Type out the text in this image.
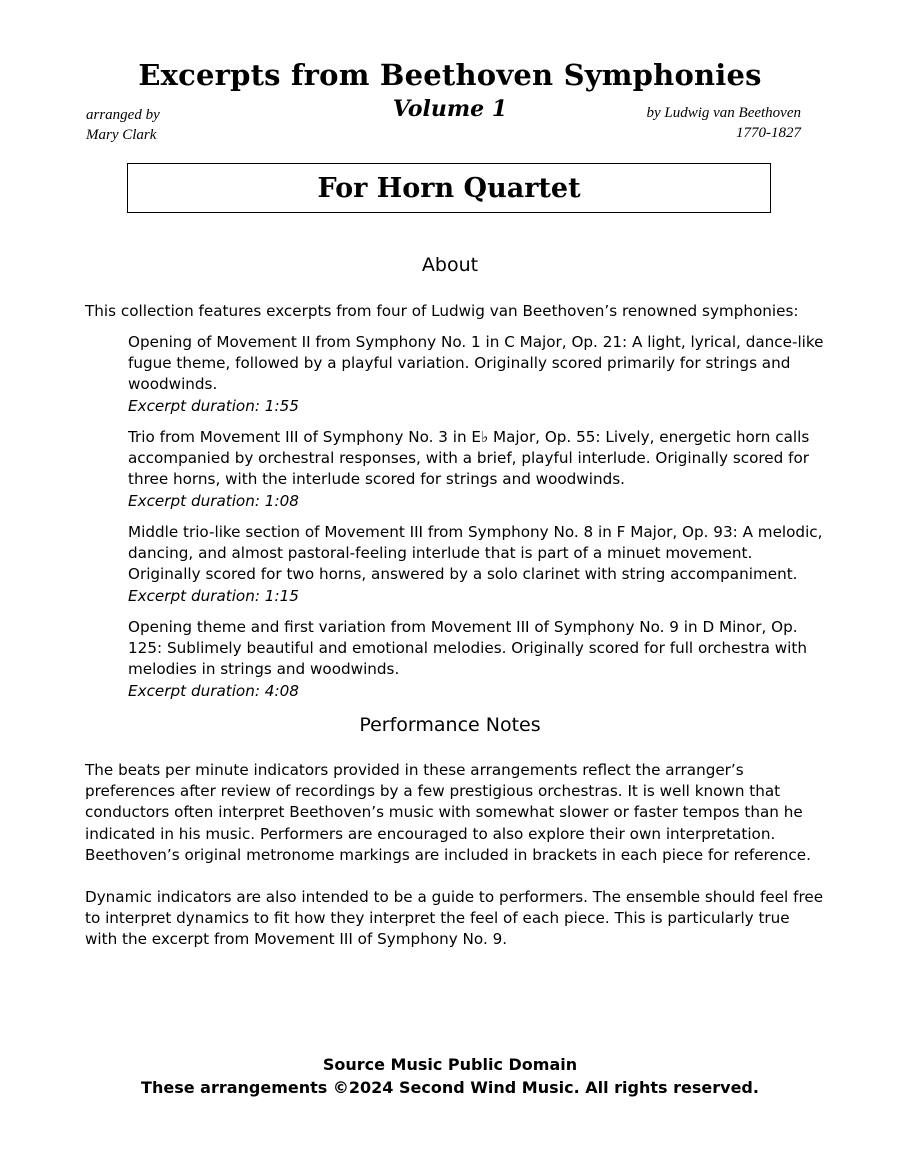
Excerpts from Beethoven Symphonies
Volume 1
arranged by
Mary Clark
by Ludwig van Beethoven
1770-1827
For Horn Quartet
About
This collection features excerpts from four of Ludwig van Beethoven’s renowned symphonies:
Opening of Movement II from Symphony No. 1 in C Major, Op. 21: A light, lyrical, dance-like fugue theme, followed by a playful variation. Originally scored primarily for strings and woodwinds.
Excerpt duration: 1:55
Trio from Movement III of Symphony No. 3 in E♭ Major, Op. 55: Lively, energetic horn calls accompanied by orchestral responses, with a brief, playful interlude. Originally scored for three horns, with the interlude scored for strings and woodwinds.
Excerpt duration: 1:08
Middle trio-like section of Movement III from Symphony No. 8 in F Major, Op. 93: A melodic, dancing, and almost pastoral-feeling interlude that is part of a minuet movement. Originally scored for two horns, answered by a solo clarinet with string accompaniment.
Excerpt duration: 1:15
Opening theme and first variation from Movement III of Symphony No. 9 in D Minor, Op. 125: Sublimely beautiful and emotional melodies. Originally scored for full orchestra with melodies in strings and woodwinds.
Excerpt duration: 4:08
Performance Notes
The beats per minute indicators provided in these arrangements reflect the arranger’s preferences after review of recordings by a few prestigious orchestras. It is well known that conductors often interpret Beethoven’s music with somewhat slower or faster tempos than he indicated in his music. Performers are encouraged to also explore their own interpretation. Beethoven’s original metronome markings are included in brackets in each piece for reference.
Dynamic indicators are also intended to be a guide to performers. The ensemble should feel free to interpret dynamics to fit how they interpret the feel of each piece. This is particularly true with the excerpt from Movement III of Symphony No. 9.
Source Music Public Domain
These arrangements ©2024 Second Wind Music. All rights reserved.
